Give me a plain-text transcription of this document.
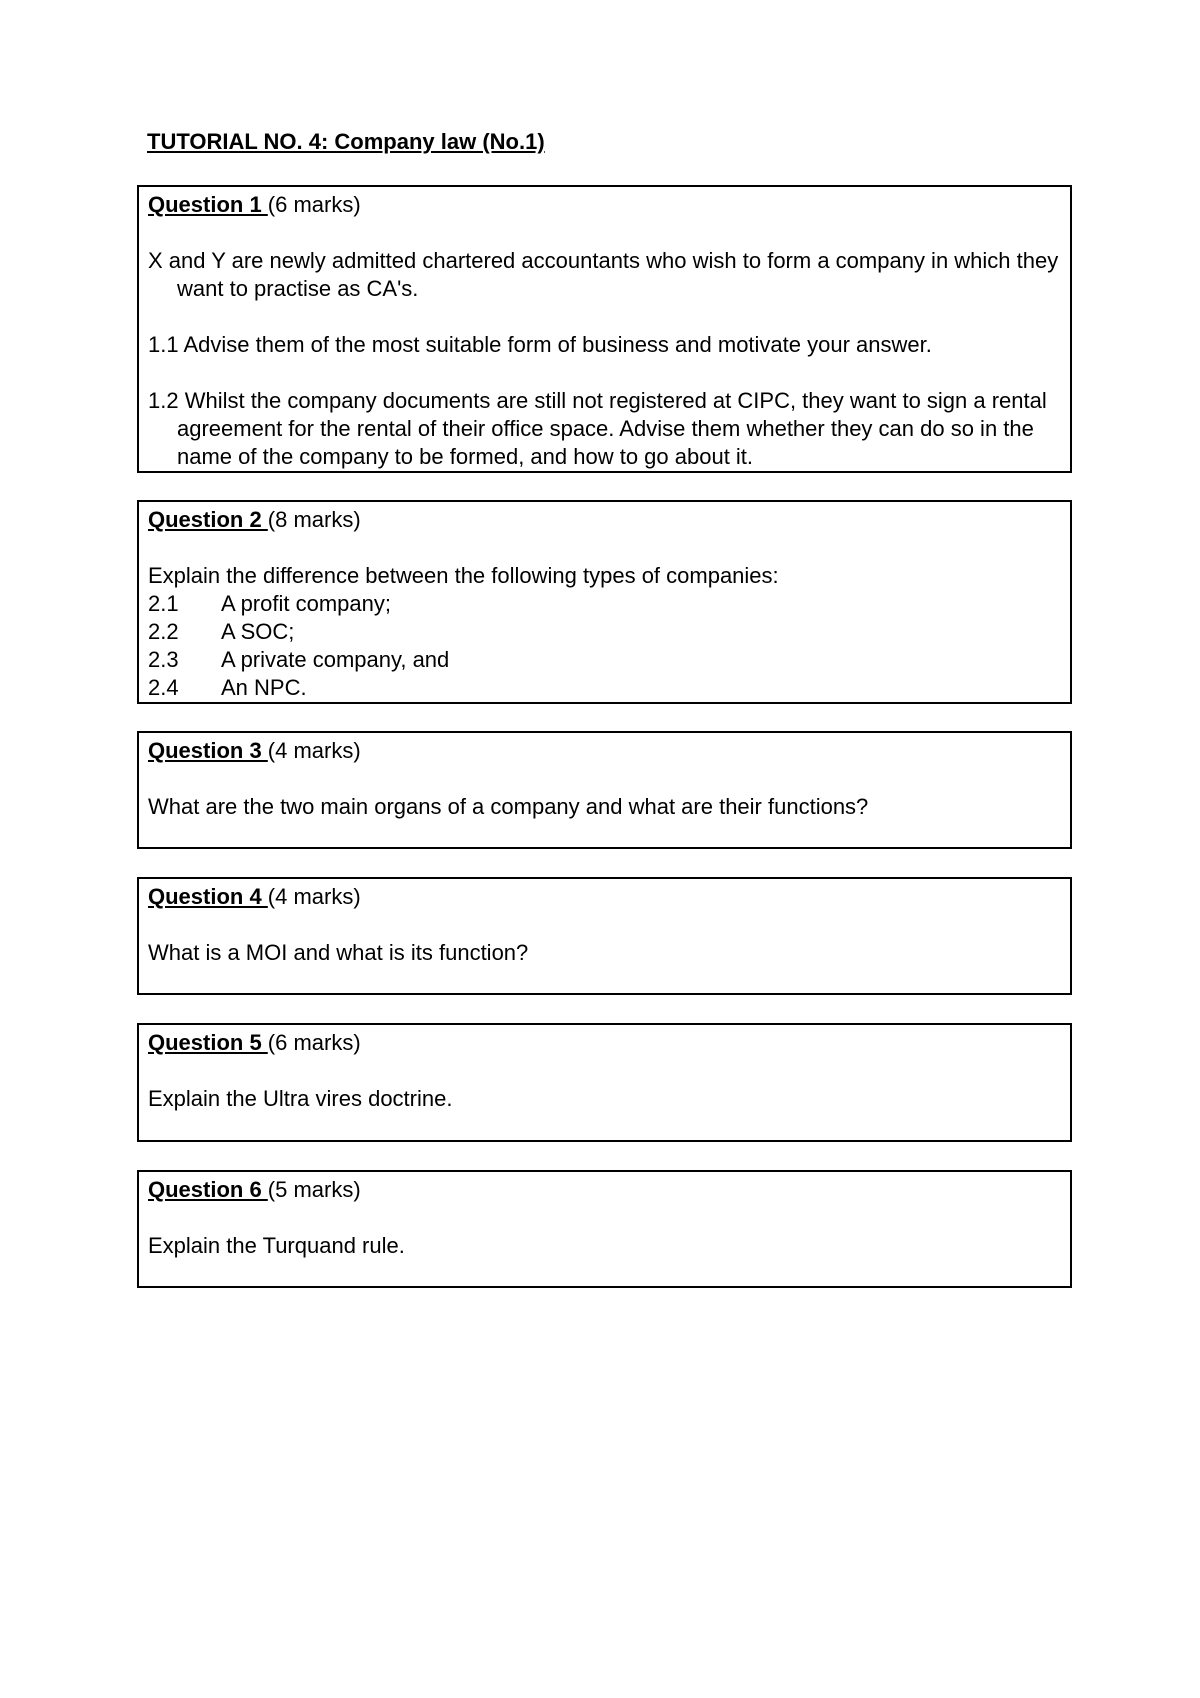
TUTORIAL NO. 4: Company law (No.1)
Question 1 (6 marks)

X and Y are newly admitted chartered accountants who wish to form a company in which they want to practise as CA's.

1.1 Advise them of the most suitable form of business and motivate your answer.

1.2 Whilst the company documents are still not registered at CIPC, they want to sign a rental agreement for the rental of their office space. Advise them whether they can do so in the name of the company to be formed, and how to go about it.

Question 2 (8 marks)

Explain the difference between the following types of companies:

2.1	A profit company;
2.2	A SOC;
2.3	A private company, and
2.4	An NPC.
Question 3 (4 marks)

What are the two main organs of a company and what are their functions?

Question 4 (4 marks)

What is a MOI and what is its function?

Question 5 (6 marks)

Explain the Ultra vires doctrine.

Question 6 (5 marks)

Explain the Turquand rule.
